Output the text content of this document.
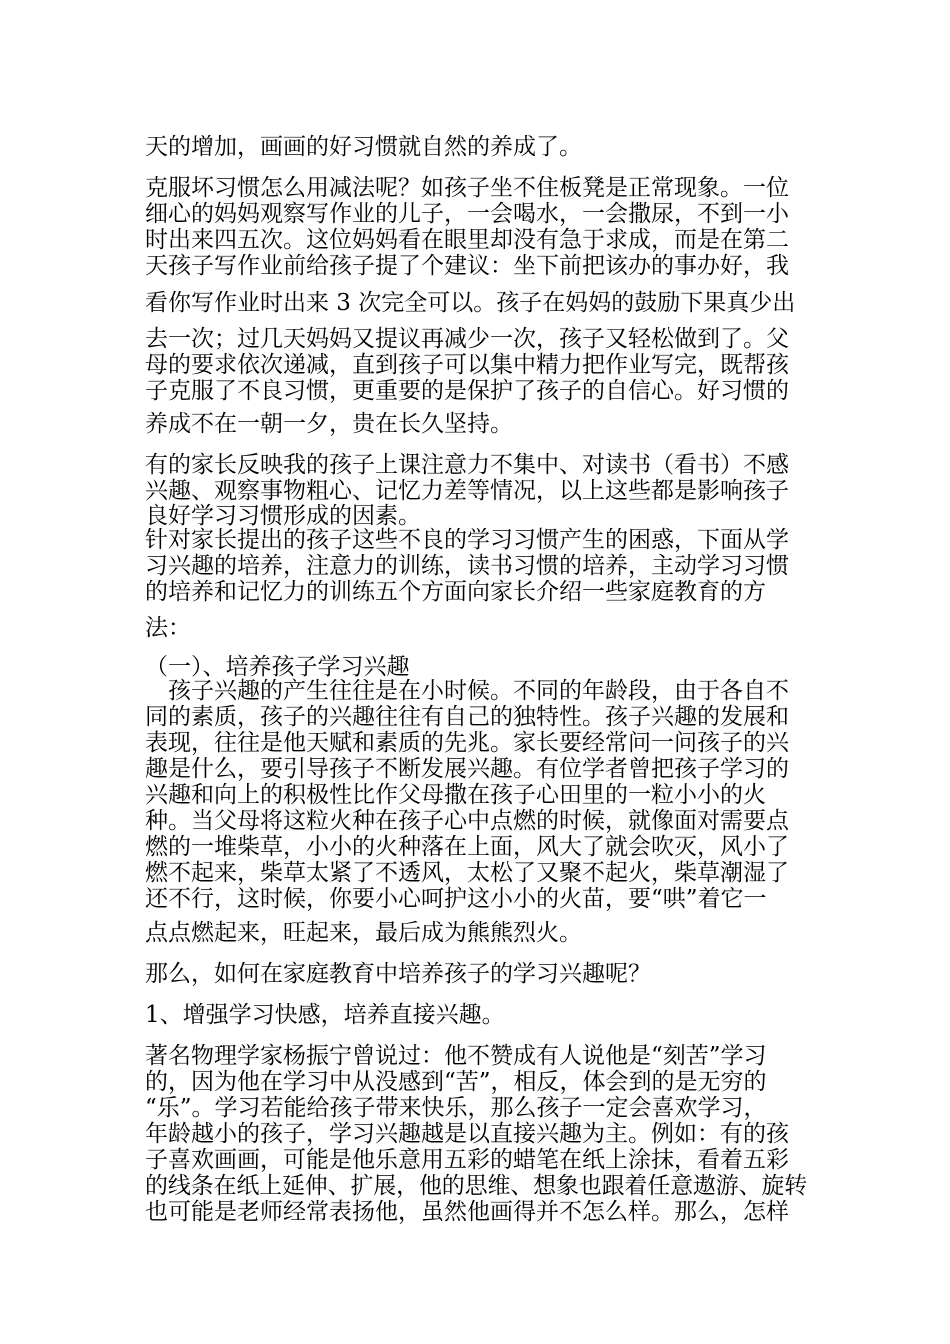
天的增加，画画的好习惯就自然的养成了。

克服坏习惯怎么用减法呢？如孩子坐不住板凳是正常现象。一位

细心的妈妈观察写作业的儿子，一会喝水，一会撒尿，不到一小

时出来四五次。这位妈妈看在眼里却没有急于求成，而是在第二

天孩子写作业前给孩子提了个建议：坐下前把该办的事办好，我

看你写作业时出来 3 次完全可以。孩子在妈妈的鼓励下果真少出

去一次；过几天妈妈又提议再减少一次，孩子又轻松做到了。父

母的要求依次递减，直到孩子可以集中精力把作业写完，既帮孩

子克服了不良习惯，更重要的是保护了孩子的自信心。好习惯的

养成不在一朝一夕，贵在长久坚持。

有的家长反映我的孩子上课注意力不集中、对读书（看书）不感

兴趣、观察事物粗心、记忆力差等情况，以上这些都是影响孩子

良好学习习惯形成的因素。

针对家长提出的孩子这些不良的学习习惯产生的困惑，下面从学

习兴趣的培养，注意力的训练，读书习惯的培养，主动学习习惯

的培养和记忆力的训练五个方面向家长介绍一些家庭教育的方

法：

（一）、培养孩子学习兴趣

　孩子兴趣的产生往往是在小时候。不同的年龄段，由于各自不

同的素质，孩子的兴趣往往有自己的独特性。孩子兴趣的发展和

表现，往往是他天赋和素质的先兆。家长要经常问一问孩子的兴

趣是什么，要引导孩子不断发展兴趣。有位学者曾把孩子学习的

兴趣和向上的积极性比作父母撒在孩子心田里的一粒小小的火

种。当父母将这粒火种在孩子心中点燃的时候，就像面对需要点

燃的一堆柴草，小小的火种落在上面，风大了就会吹灭，风小了

燃不起来，柴草太紧了不透风，太松了又聚不起火，柴草潮湿了

还不行，这时候，你要小心呵护这小小的火苗，要“哄”着它一

点点燃起来，旺起来，最后成为熊熊烈火。

那么，如何在家庭教育中培养孩子的学习兴趣呢？

1、增强学习快感，培养直接兴趣。

著名物理学家杨振宁曾说过：他不赞成有人说他是“刻苦”学习

的，因为他在学习中从没感到“苦”，相反，体会到的是无穷的

“乐”。学习若能给孩子带来快乐，那么孩子一定会喜欢学习，

年龄越小的孩子，学习兴趣越是以直接兴趣为主。例如：有的孩

子喜欢画画，可能是他乐意用五彩的蜡笔在纸上涂抹，看着五彩

的线条在纸上延伸、扩展，他的思维、想象也跟着任意遨游、旋转

也可能是老师经常表扬他，虽然他画得并不怎么样。那么，怎样
